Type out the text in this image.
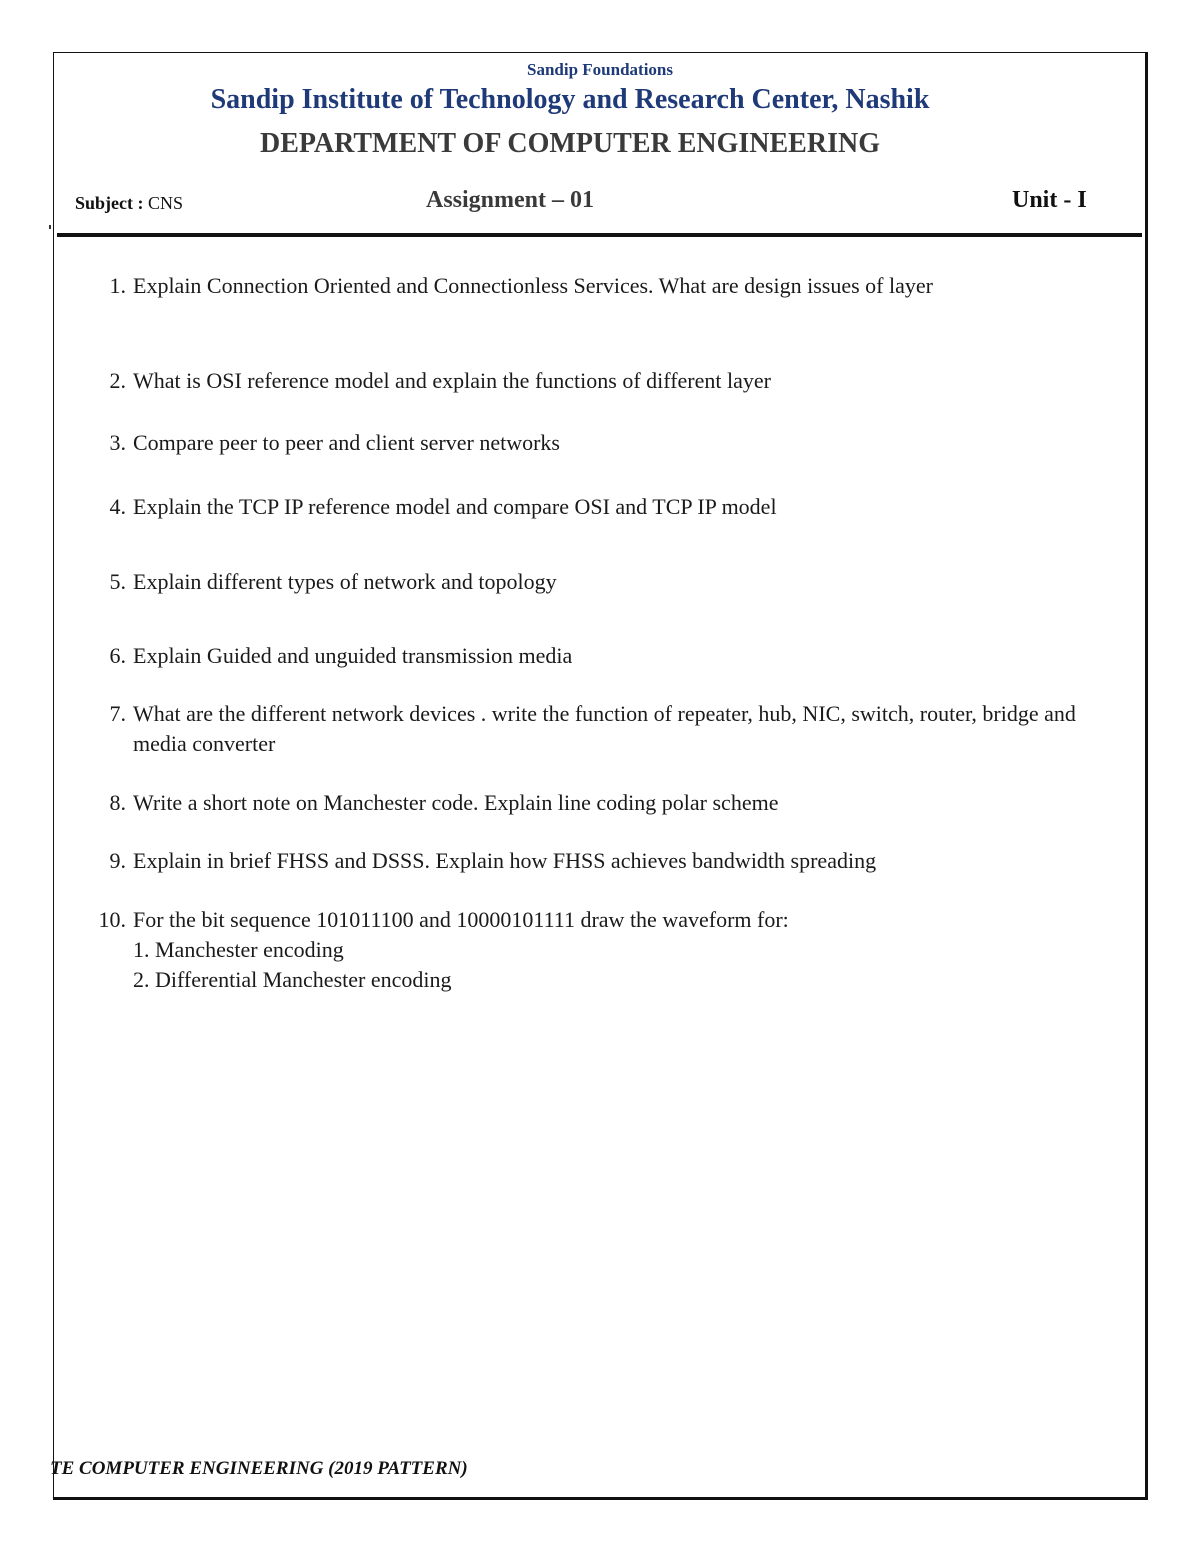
Sandip Foundations
Sandip Institute of Technology and Research Center, Nashik
DEPARTMENT OF COMPUTER ENGINEERING
Subject : CNS	Assignment – 01	Unit - I
1. Explain Connection Oriented and Connectionless Services. What are design issues of layer
2. What is OSI reference model and explain the functions of different layer
3. Compare peer to peer and client server networks
4. Explain the TCP IP reference model and compare OSI and TCP IP model
5. Explain different types of network and topology
6. Explain Guided and unguided transmission media
7. What are the different network devices . write the function of repeater, hub, NIC, switch, router, bridge and media converter
8. Write a short note on Manchester code. Explain line coding polar scheme
9. Explain in brief FHSS and DSSS. Explain how FHSS achieves bandwidth spreading
10. For the bit sequence 101011100 and 10000101111 draw the waveform for:
1. Manchester encoding
2. Differential Manchester encoding
TE COMPUTER ENGINEERING (2019 PATTERN)
